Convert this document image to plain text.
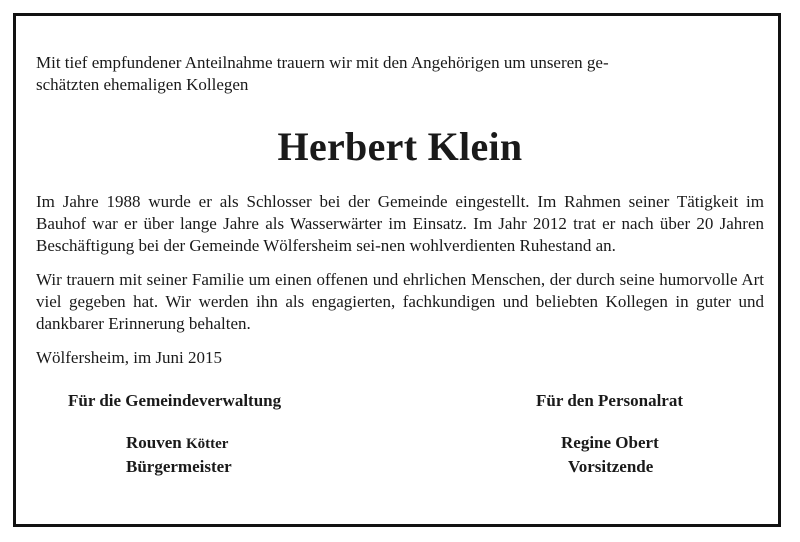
Mit tief empfundener Anteilnahme trauern wir mit den Angehörigen um unseren ge-
schätzten ehemaligen Kollegen

Herbert Klein

Im Jahre 1988 wurde er als Schlosser bei der Gemeinde eingestellt. Im Rahmen seiner Tätigkeit im Bauhof war er über lange Jahre als Wasserwärter im Einsatz. Im Jahr 2012 trat er nach über 20 Jahren Beschäftigung bei der Gemeinde Wölfersheim sei-nen wohlverdienten Ruhestand an.

Wir trauern mit seiner Familie um einen offenen und ehrlichen Menschen, der durch seine humorvolle Art viel gegeben hat. Wir werden ihn als engagierten, fachkundigen und beliebten Kollegen in guter und dankbarer Erinnerung behalten.

Wölfersheim, im Juni 2015

Für die Gemeindeverwaltung	Für den Personalrat
Rouven Kötter
Bürgermeister
Regine Obert
Vorsitzende
